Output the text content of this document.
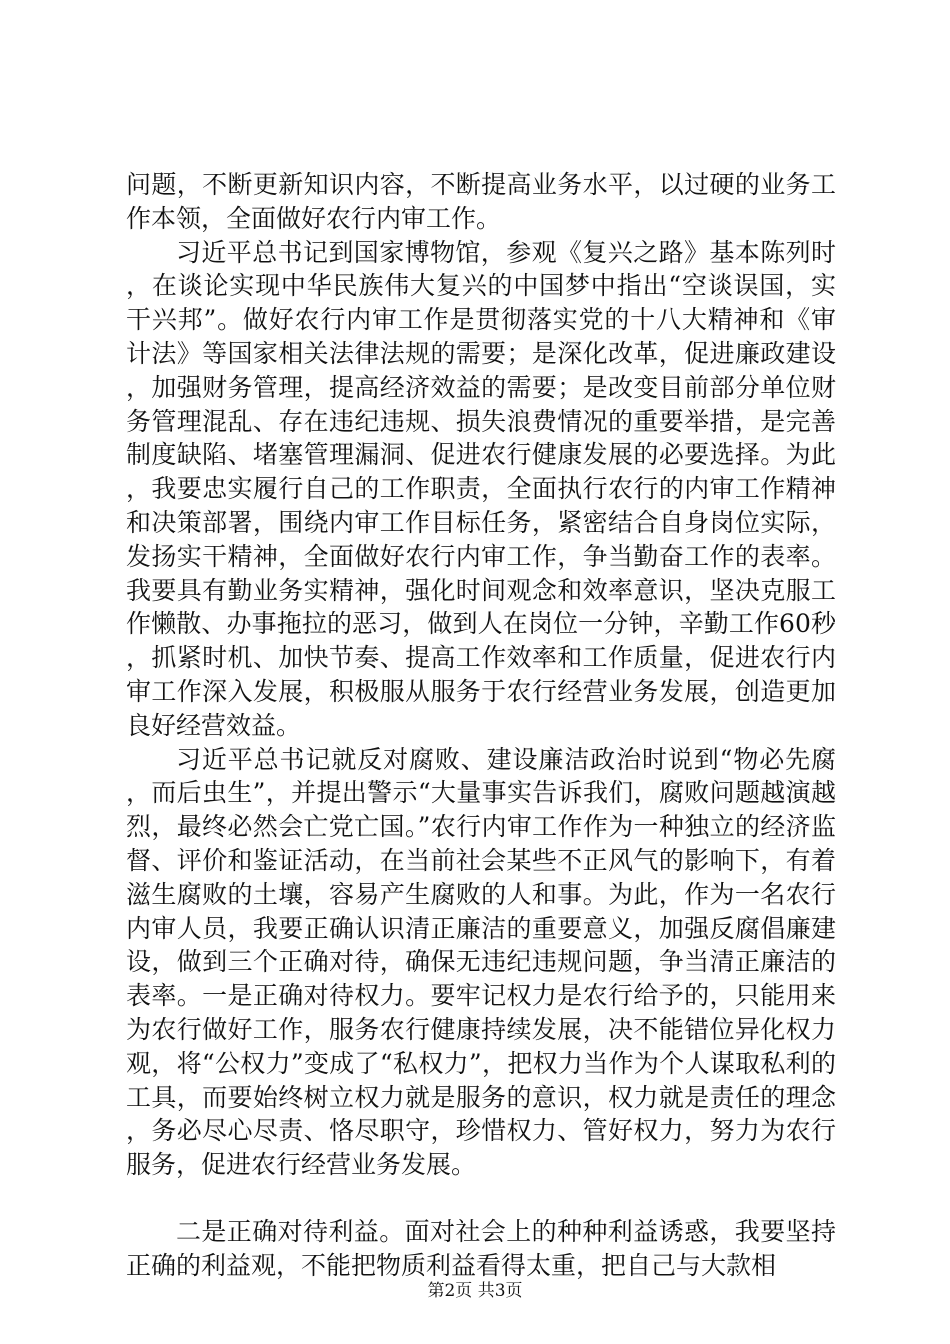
问题，不断更新知识内容，不断提高业务水平，以过硬的业务工作本领，全面做好农行内审工作。

习近平总书记到国家博物馆，参观《复兴之路》基本陈列时，在谈论实现中华民族伟大复兴的中国梦中指出“空谈误国，实干兴邦”。做好农行内审工作是贯彻落实党的十八大精神和《审计法》等国家相关法律法规的需要；是深化改革，促进廉政建设，加强财务管理，提高经济效益的需要；是改变目前部分单位财务管理混乱、存在违纪违规、损失浪费情况的重要举措，是完善制度缺陷、堵塞管理漏洞、促进农行健康发展的必要选择。为此，我要忠实履行自己的工作职责，全面执行农行的内审工作精神和决策部署，围绕内审工作目标任务，紧密结合自身岗位实际，发扬实干精神，全面做好农行内审工作，争当勤奋工作的表率。我要具有勤业务实精神，强化时间观念和效率意识，坚决克服工作懒散、办事拖拉的恶习，做到人在岗位一分钟，辛勤工作60秒，抓紧时机、加快节奏、提高工作效率和工作质量，促进农行内审工作深入发展，积极服从服务于农行经营业务发展，创造更加良好经营效益。

习近平总书记就反对腐败、建设廉洁政治时说到“物必先腐，而后虫生”，并提出警示“大量事实告诉我们，腐败问题越演越烈，最终必然会亡党亡国。”农行内审工作作为一种独立的经济监督、评价和鉴证活动，在当前社会某些不正风气的影响下，有着滋生腐败的土壤，容易产生腐败的人和事。为此，作为一名农行内审人员，我要正确认识清正廉洁的重要意义，加强反腐倡廉建设，做到三个正确对待，确保无违纪违规问题，争当清正廉洁的表率。一是正确对待权力。要牢记权力是农行给予的，只能用来为农行做好工作，服务农行健康持续发展，决不能错位异化权力观，将“公权力”变成了“私权力”，把权力当作为个人谋取私利的工具，而要始终树立权力就是服务的意识，权力就是责任的理念，务必尽心尽责、恪尽职守，珍惜权力、管好权力，努力为农行服务，促进农行经营业务发展。

二是正确对待利益。面对社会上的种种利益诱惑，我要坚持正确的利益观，不能把物质利益看得太重，把自己与大款相

第2页 共3页
